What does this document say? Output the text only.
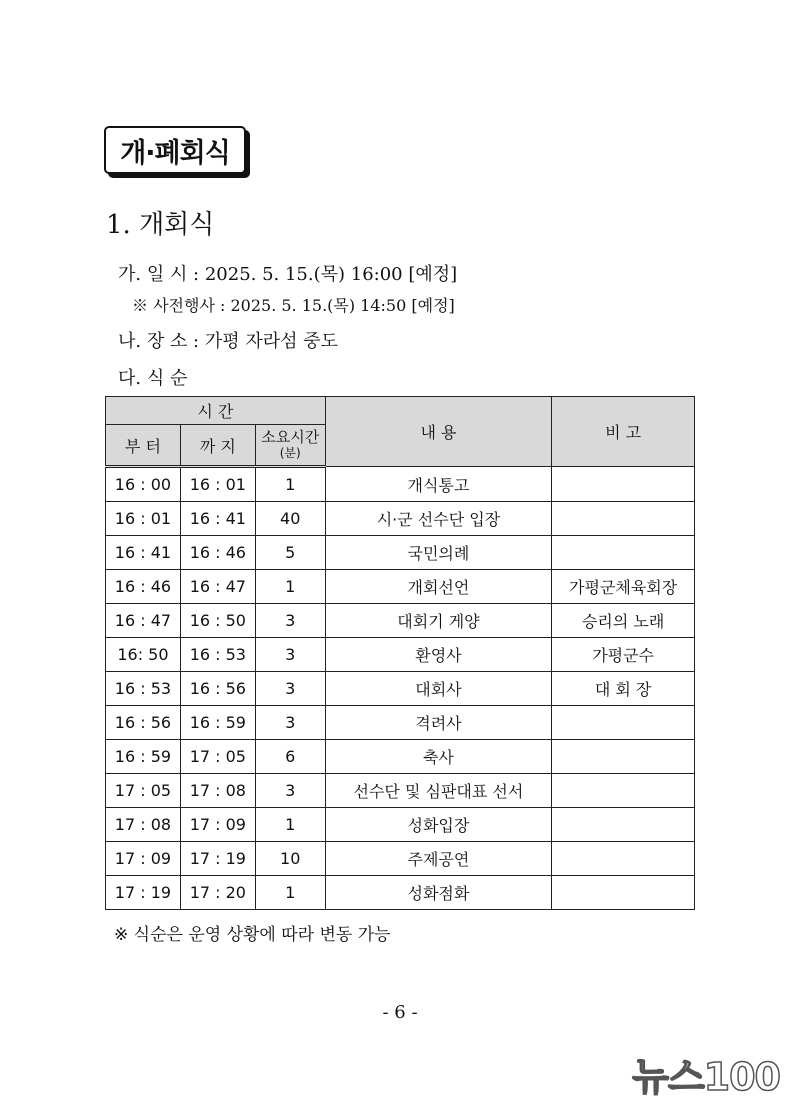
개·폐회식
1. 개회식
가. 일 시 : 2025. 5. 15.(목) 16:00 [예정]
※ 사전행사 : 2025. 5. 15.(목) 14:50 [예정]
나. 장 소 : 가평 자라섬 중도
다. 식 순
시 간			내 용	비 고
부 터	까 지	소요시간
(분)		

16 : 00	16 : 01	1	개식통고	
16 : 01	16 : 41	40	시·군 선수단 입장	
16 : 41	16 : 46	5	국민의례	
16 : 46	16 : 47	1	개회선언	가평군체육회장
16 : 47	16 : 50	3	대회기 게양	승리의 노래
16: 50	16 : 53	3	환영사	가평군수
16 : 53	16 : 56	3	대회사	대 회 장
16 : 56	16 : 59	3	격려사	
16 : 59	17 : 05	6	축사	
17 : 05	17 : 08	3	선수단 및 심판대표 선서	
17 : 08	17 : 09	1	성화입장	
17 : 09	17 : 19	10	주제공연	
17 : 19	17 : 20	1	성화점화	
※ 식순은 운영 상황에 따라 변동 가능
- 6 -
뉴스100
